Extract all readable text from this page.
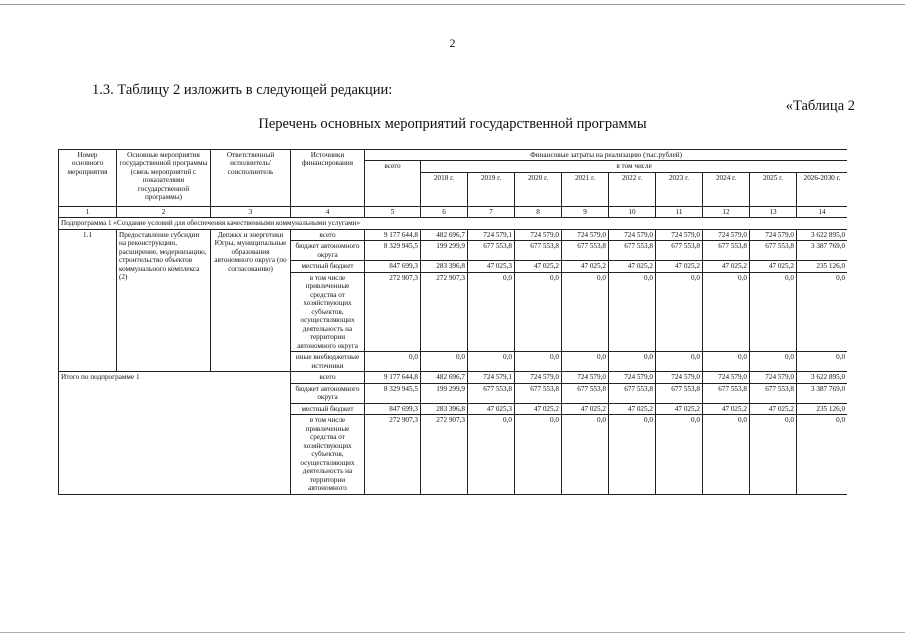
2
1.3. Таблицу 2 изложить в следующей редакции:
«Таблица 2
Перечень основных мероприятий государственной программы
Номер основного мероприятия	Основные мероприятия государственной программы (связь мероприятий с показателями государственной программы)	Ответственный исполнитель/ соисполнитель	Источники финансирования	Финансовые затраты на реализацию (тыс.рублей)									
				всего	в том числе								
					2018 г.	2019 г.	2020 г.	2021 г.	2022 г.	2023 г.	2024 г.	2025 г.	2026-2030 г.
1	2	3	4	5	6	7	8	9	10	11	12	13	14
Подпрограмма 1 «Создание условий для обеспечения качественными коммунальными услугами»													
1.1	Предоставление субсидии на реконструкцию, расширение, модернизацию, строительство объектов коммунального комплекса (2)	Депжкх и энергетики Югры, муниципальные образования автономного округа (по согласованию)	всего	9 177 644,8	482 696,7	724 579,1	724 579,0	724 579,0	724 579,0	724 579,0	724 579,0	724 579,0	3 622 895,0
			бюджет автономного округа	8 329 945,5	199 299,9	677 553,8	677 553,8	677 553,8	677 553,8	677 553,8	677 553,8	677 553,8	3 387 769,0
			местный бюджет	847 699,3	283 396,8	47 025,3	47 025,2	47 025,2	47 025,2	47 025,2	47 025,2	47 025,2	235 126,0
			в том числе привлеченные средства от хозяйствующих субъектов, осуществляющих деятельность на территории автономного округа	272 907,3	272 907,3	0,0	0,0	0,0	0,0	0,0	0,0	0,0	0,0
			иные внебюджетные источники	0,0	0,0	0,0	0,0	0,0	0,0	0,0	0,0	0,0	0,0
Итого по подпрограмме 1			всего	9 177 644,8	482 696,7	724 579,1	724 579,0	724 579,0	724 579,0	724 579,0	724 579,0	724 579,0	3 622 895,0
			бюджет автономного округа	8 329 945,5	199 299,9	677 553,8	677 553,8	677 553,8	677 553,8	677 553,8	677 553,8	677 553,8	3 387 769,0
			местный бюджет	847 699,3	283 396,8	47 025,3	47 025,2	47 025,2	47 025,2	47 025,2	47 025,2	47 025,2	235 126,0
			в том числе привлеченные средства от хозяйствующих субъектов, осуществляющих деятельность на территории автономного	272 907,3	272 907,3	0,0	0,0	0,0	0,0	0,0	0,0	0,0	0,0
